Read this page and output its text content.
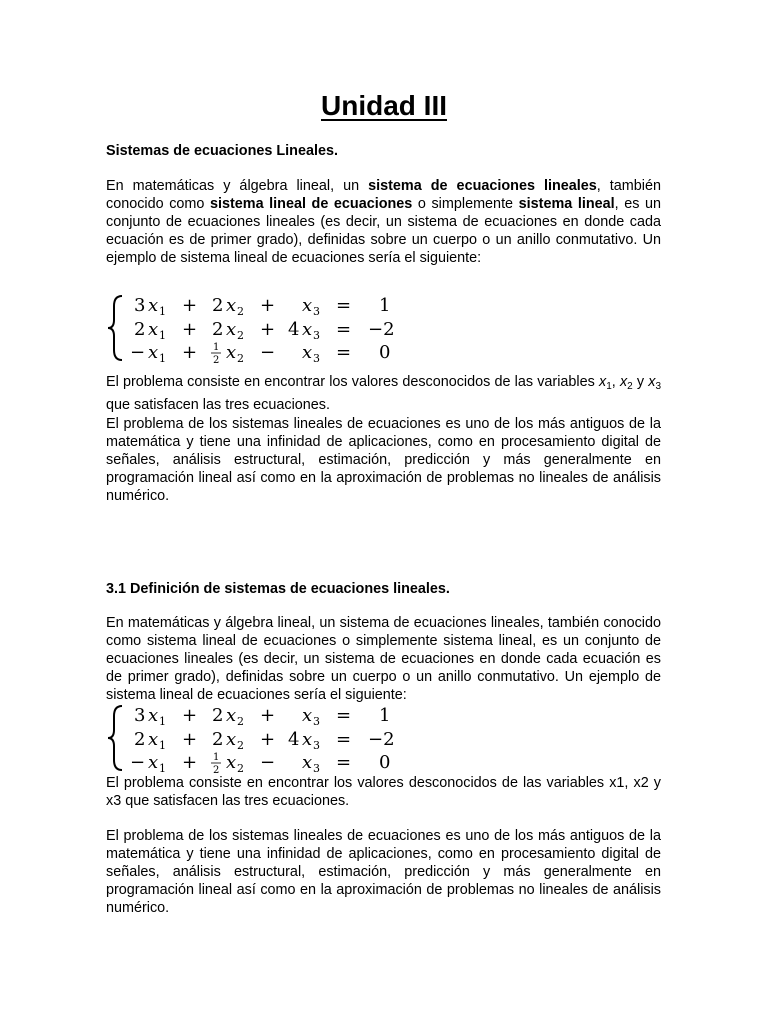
Unidad III
Sistemas de ecuaciones Lineales.

En matemáticas y álgebra lineal, un sistema de ecuaciones lineales, también conocido como sistema lineal de ecuaciones o simplemente sistema lineal, es un conjunto de ecuaciones lineales (es decir, un sistema de ecuaciones en donde cada ecuación es de primer grado), definidas sobre un cuerpo o un anillo conmutativo. Un ejemplo de sistema lineal de ecuaciones sería el siguiente:

3 x 1 + 2 x 2 + x 3 = 1
2 x 1 + 2 x 2 + 4 x 3 = −2
− x 1 + 1
2 x 2 − x 3 = 0

El problema consiste en encontrar los valores desconocidos de las variables $x_1$, $x_2$ y $x_3$ que satisfacen las tres ecuaciones.

El problema de los sistemas lineales de ecuaciones es uno de los más antiguos de la matemática y tiene una infinidad de aplicaciones, como en procesamiento digital de señales, análisis estructural, estimación, predicción y más generalmente en programación lineal así como en la aproximación de problemas no lineales de análisis numérico.

3.1 Definición de sistemas de ecuaciones lineales.

En matemáticas y álgebra lineal, un sistema de ecuaciones lineales, también conocido como sistema lineal de ecuaciones o simplemente sistema lineal, es un conjunto de ecuaciones lineales (es decir, un sistema de ecuaciones en donde cada ecuación es de primer grado), definidas sobre un cuerpo o un anillo conmutativo. Un ejemplo de sistema lineal de ecuaciones sería el siguiente:

3 x 1 + 2 x 2 + x 3 = 1
2 x 1 + 2 x 2 + 4 x 3 = −2
− x 1 + 1
2 x 2 − x 3 = 0

El problema consiste en encontrar los valores desconocidos de las variables x1, x2 y x3 que satisfacen las tres ecuaciones.

El problema de los sistemas lineales de ecuaciones es uno de los más antiguos de la matemática y tiene una infinidad de aplicaciones, como en procesamiento digital de señales, análisis estructural, estimación, predicción y más generalmente en programación lineal así como en la aproximación de problemas no lineales de análisis numérico.
